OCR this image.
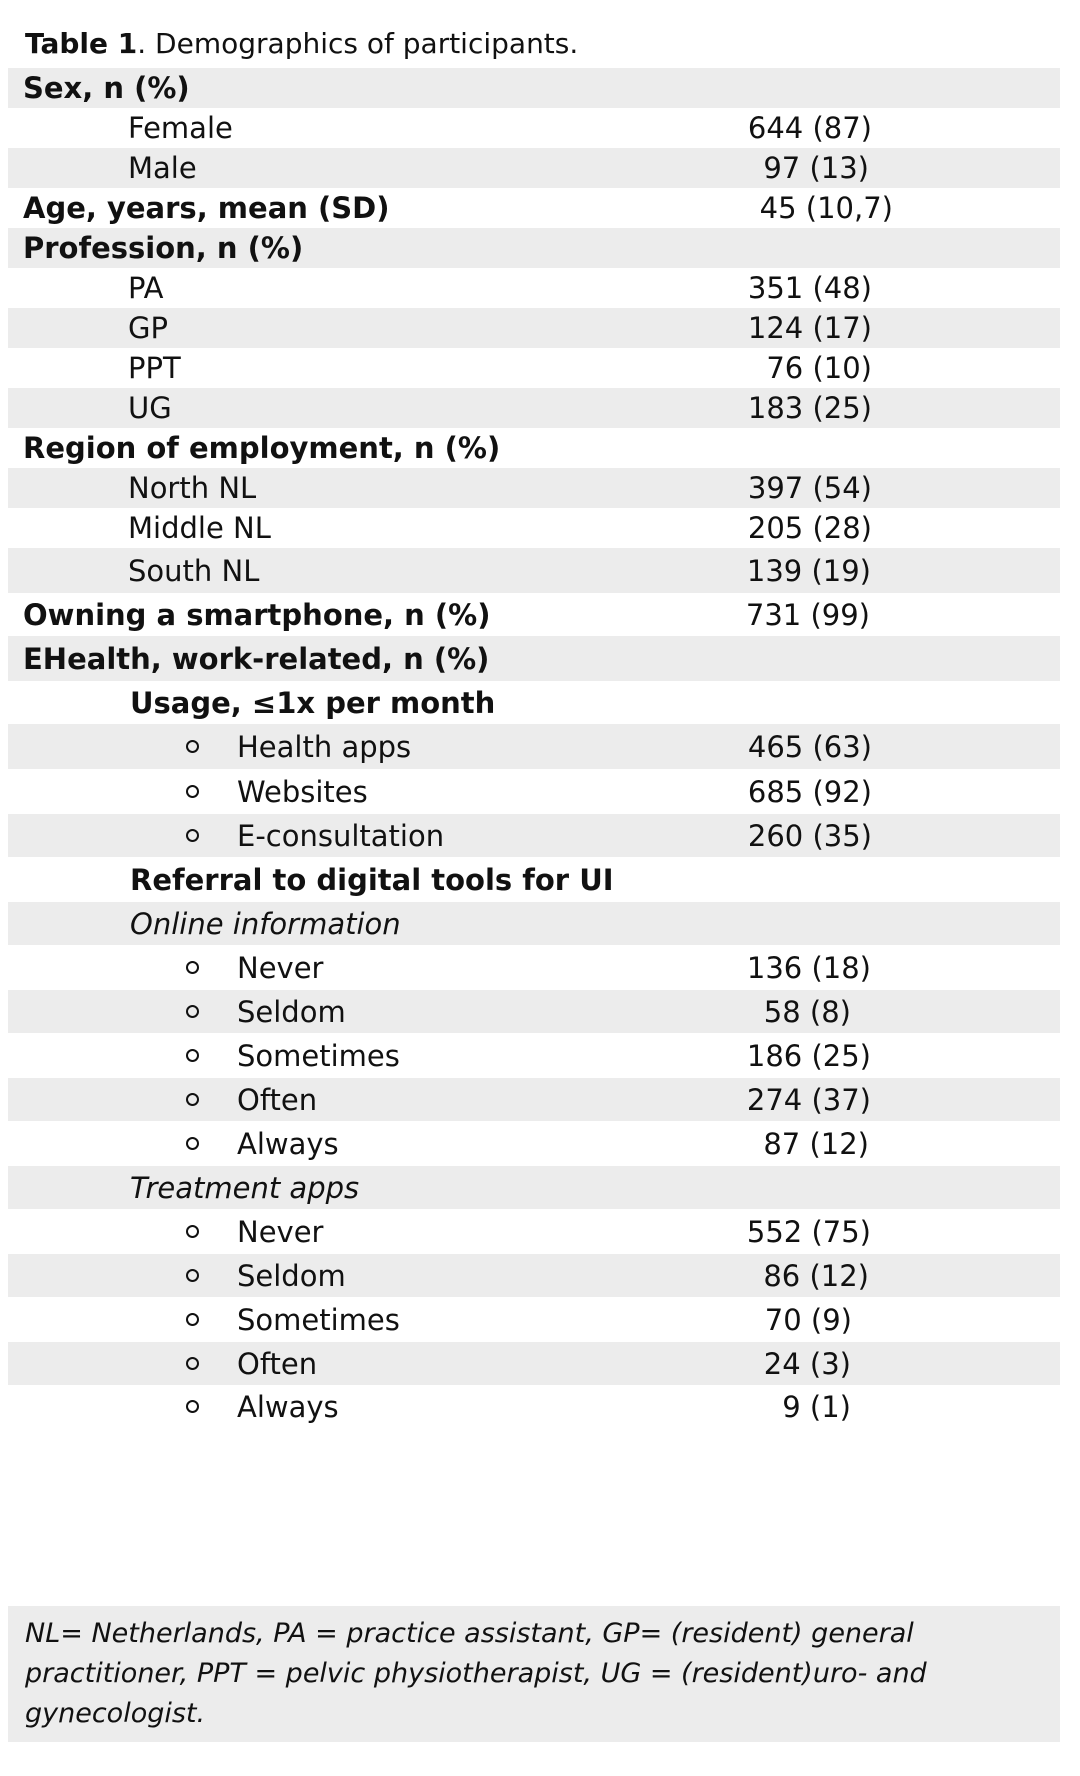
Table 1. Demographics of participants.
Sex, n (%)
Female	644 (87)
Male	97 (13)
Age, years, mean (SD)	45 (10,7)
Profession, n (%)
PA	351 (48)
GP	124 (17)
PPT	76 (10)
UG	183 (25)
Region of employment, n (%)
North NL	397 (54)
Middle NL	205 (28)
South NL	139 (19)
Owning a smartphone, n (%)	731 (99)
EHealth, work-related, n (%)
Usage, ≤1x per month
Health apps	465 (63)
Websites	685 (92)
E-consultation	260 (35)
Referral to digital tools for UI
Online information
Never	136 (18)
Seldom	58 (8)
Sometimes	186 (25)
Often	274 (37)
Always	87 (12)
Treatment apps
Never	552 (75)
Seldom	86 (12)
Sometimes	70 (9)
Often	24 (3)
Always	9 (1)

NL= Netherlands, PA = practice assistant, GP= (resident) general practitioner, PPT = pelvic physiotherapist, UG = (resident)uro- and gynecologist.
